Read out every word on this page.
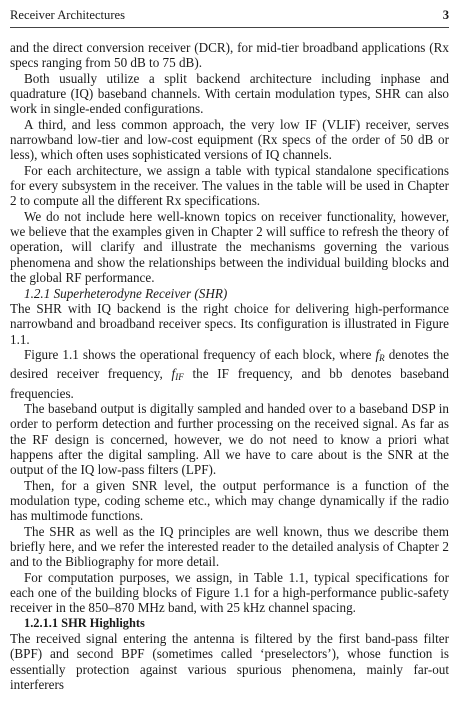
Receiver Architectures	3

and the direct conversion receiver (DCR), for mid-tier broadband applications (Rx specs ranging from 50 dB to 75 dB).

Both usually utilize a split backend architecture including inphase and quadrature (IQ) baseband channels. With certain modulation types, SHR can also work in single-ended configurations.

A third, and less common approach, the very low IF (VLIF) receiver, serves narrowband low-tier and low-cost equipment (Rx specs of the order of 50 dB or less), which often uses sophisticated versions of IQ channels.

For each architecture, we assign a table with typical standalone specifications for every subsystem in the receiver. The values in the table will be used in Chapter 2 to compute all the different Rx specifications.

We do not include here well-known topics on receiver functionality, however, we believe that the examples given in Chapter 2 will suffice to refresh the theory of operation, will clarify and illustrate the mechanisms governing the various phenomena and show the relationships between the individual building blocks and the global RF performance.

1.2.1 Superheterodyne Receiver (SHR)

The SHR with IQ backend is the right choice for delivering high-performance narrowband and broadband receiver specs. Its configuration is illustrated in Figure 1.1.

Figure 1.1 shows the operational frequency of each block, where $f_R$ denotes the desired receiver frequency, $f_{IF}$ the IF frequency, and bb denotes baseband frequencies.

The baseband output is digitally sampled and handed over to a baseband DSP in order to perform detection and further processing on the received signal. As far as the RF design is concerned, however, we do not need to know a priori what happens after the digital sampling. All we have to care about is the SNR at the output of the IQ low-pass filters (LPF).

Then, for a given SNR level, the output performance is a function of the modulation type, coding scheme etc., which may change dynamically if the radio has multimode functions.

The SHR as well as the IQ principles are well known, thus we describe them briefly here, and we refer the interested reader to the detailed analysis of Chapter 2 and to the Bibliography for more detail.

For computation purposes, we assign, in Table 1.1, typical specifications for each one of the building blocks of Figure 1.1 for a high-performance public-safety receiver in the 850–870 MHz band, with 25 kHz channel spacing.

1.2.1.1 SHR Highlights

The received signal entering the antenna is filtered by the first band-pass filter (BPF) and second BPF (sometimes called ‘preselectors’), whose function is essentially protection against various spurious phenomena, mainly far-out interferers
